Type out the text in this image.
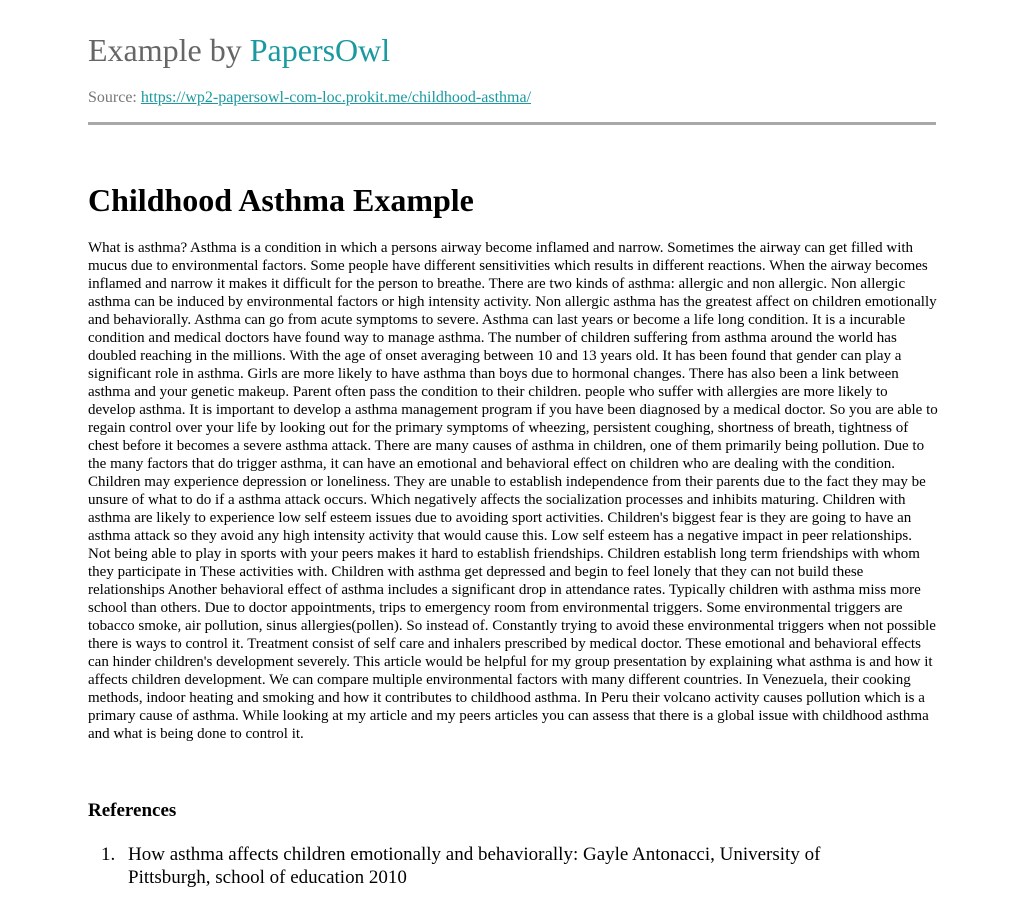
Example by PapersOwl
Source: https://wp2-papersowl-com-loc.prokit.me/childhood-asthma/
Childhood Asthma Example

What is asthma? Asthma is a condition in which a persons airway become inflamed and narrow. Sometimes the airway can get filled with mucus due to environmental factors. Some people have different sensitivities which results in different reactions. When the airway becomes inflamed and narrow it makes it difficult for the person to breathe. There are two kinds of asthma: allergic and non allergic. Non allergic asthma can be induced by environmental factors or high intensity activity. Non allergic asthma has the greatest affect on children emotionally and behaviorally. Asthma can go from acute symptoms to severe. Asthma can last years or become a life long condition. It is a incurable condition and medical doctors have found way to manage asthma. The number of children suffering from asthma around the world has doubled reaching in the millions. With the age of onset averaging between 10 and 13 years old. It has been found that gender can play a significant role in asthma. Girls are more likely to have asthma than boys due to hormonal changes. There has also been a link between asthma and your genetic makeup. Parent often pass the condition to their children. people who suffer with allergies are more likely to develop asthma. It is important to develop a asthma management program if you have been diagnosed by a medical doctor. So you are able to regain control over your life by looking out for the primary symptoms of wheezing, persistent coughing, shortness of breath, tightness of chest before it becomes a severe asthma attack. There are many causes of asthma in children, one of them primarily being pollution. Due to the many factors that do trigger asthma, it can have an emotional and behavioral effect on children who are dealing with the condition. Children may experience depression or loneliness. They are unable to establish independence from their parents due to the fact they may be unsure of what to do if a asthma attack occurs. Which negatively affects the socialization processes and inhibits maturing. Children with asthma are likely to experience low self esteem issues due to avoiding sport activities. Children's biggest fear is they are going to have an asthma attack so they avoid any high intensity activity that would cause this. Low self esteem has a negative impact in peer relationships. Not being able to play in sports with your peers makes it hard to establish friendships. Children establish long term friendships with whom they participate in These activities with. Children with asthma get depressed and begin to feel lonely that they can not build these relationships Another behavioral effect of asthma includes a significant drop in attendance rates. Typically children with asthma miss more school than others. Due to doctor appointments, trips to emergency room from environmental triggers. Some environmental triggers are tobacco smoke, air pollution, sinus allergies(pollen). So instead of. Constantly trying to avoid these environmental triggers when not possible there is ways to control it. Treatment consist of self care and inhalers prescribed by medical doctor. These emotional and behavioral effects can hinder children's development severely. This article would be helpful for my group presentation by explaining what asthma is and how it affects children development. We can compare multiple environmental factors with many different countries. In Venezuela, their cooking methods, indoor heating and smoking and how it contributes to childhood asthma. In Peru their volcano activity causes pollution which is a primary cause of asthma. While looking at my article and my peers articles you can assess that there is a global issue with childhood asthma and what is being done to control it.

References
1. How asthma affects children emotionally and behaviorally: Gayle Antonacci, University of Pittsburgh, school of education 2010
